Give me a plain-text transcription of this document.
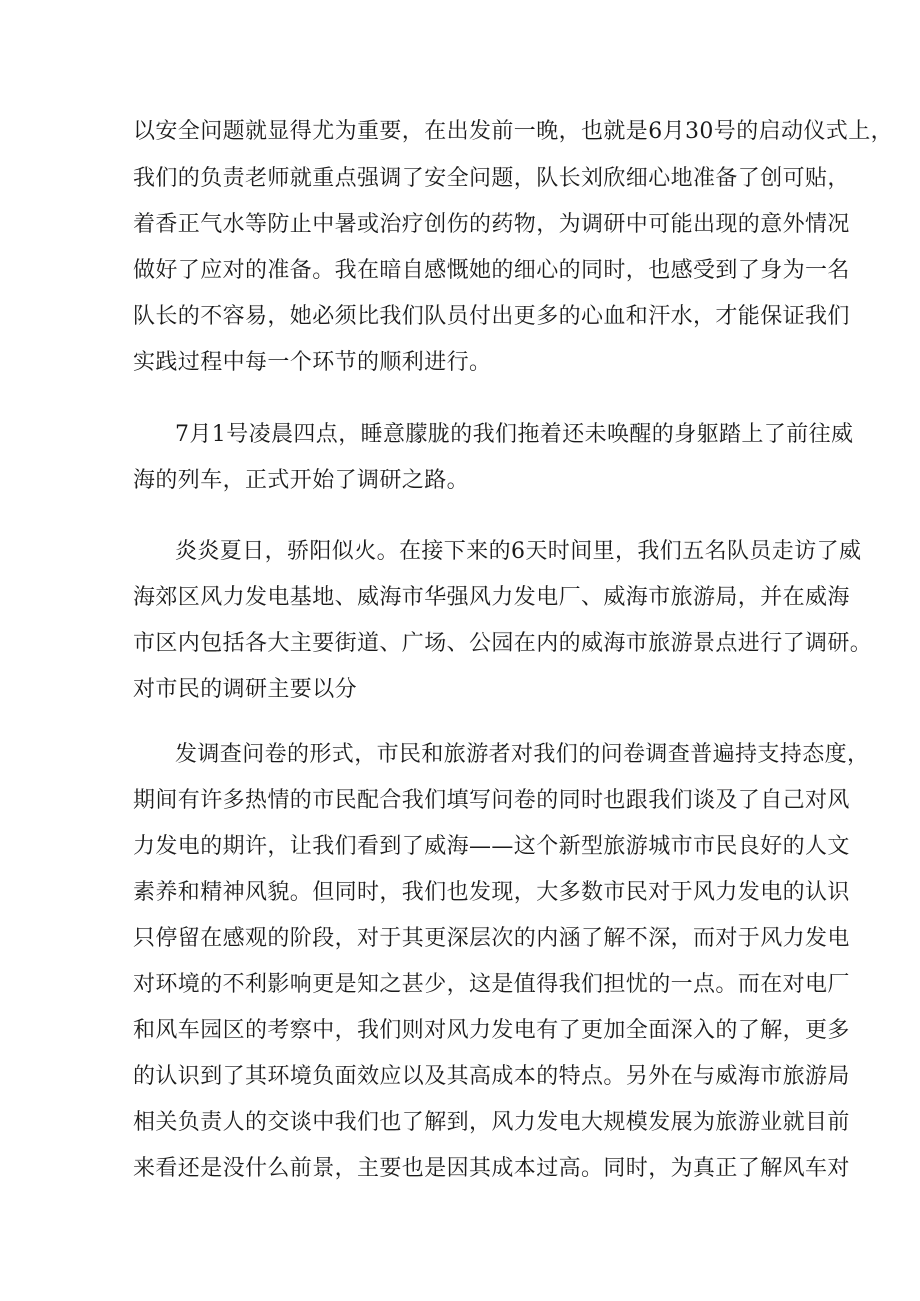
以安全问题就显得尤为重要，在出发前一晚，也就是6月30号的启动仪式上，
我们的负责老师就重点强调了安全问题，队长刘欣细心地准备了创可贴，
着香正气水等防止中暑或治疗创伤的药物，为调研中可能出现的意外情况
做好了应对的准备。我在暗自感慨她的细心的同时，也感受到了身为一名
队长的不容易，她必须比我们队员付出更多的心血和汗水，才能保证我们
实践过程中每一个环节的顺利进行。
7月1号凌晨四点，睡意朦胧的我们拖着还未唤醒的身躯踏上了前往威
海的列车，正式开始了调研之路。
炎炎夏日，骄阳似火。在接下来的6天时间里，我们五名队员走访了威
海郊区风力发电基地、威海市华强风力发电厂、威海市旅游局，并在威海
市区内包括各大主要街道、广场、公园在内的威海市旅游景点进行了调研。
对市民的调研主要以分
发调查问卷的形式，市民和旅游者对我们的问卷调查普遍持支持态度，
期间有许多热情的市民配合我们填写问卷的同时也跟我们谈及了自己对风
力发电的期许，让我们看到了威海——这个新型旅游城市市民良好的人文
素养和精神风貌。但同时，我们也发现，大多数市民对于风力发电的认识
只停留在感观的阶段，对于其更深层次的内涵了解不深，而对于风力发电
对环境的不利影响更是知之甚少，这是值得我们担忧的一点。而在对电厂
和风车园区的考察中，我们则对风力发电有了更加全面深入的了解，更多
的认识到了其环境负面效应以及其高成本的特点。另外在与威海市旅游局
相关负责人的交谈中我们也了解到，风力发电大规模发展为旅游业就目前
来看还是没什么前景，主要也是因其成本过高。同时，为真正了解风车对
